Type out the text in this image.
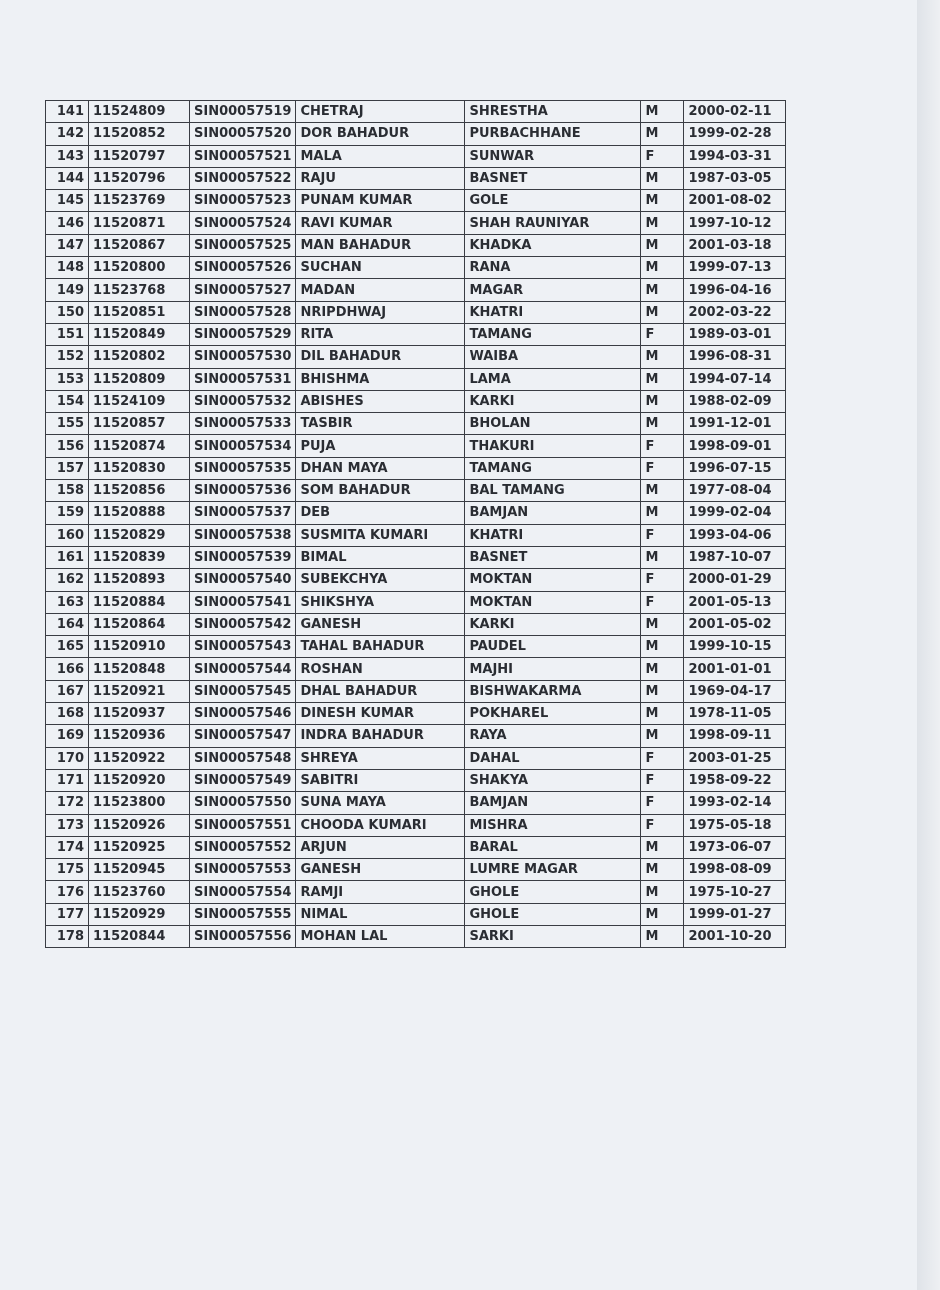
141	11524809	SIN00057519	CHETRAJ	SHRESTHA	M	2000-02-11
142	11520852	SIN00057520	DOR BAHADUR	PURBACHHANE	M	1999-02-28
143	11520797	SIN00057521	MALA	SUNWAR	F	1994-03-31
144	11520796	SIN00057522	RAJU	BASNET	M	1987-03-05
145	11523769	SIN00057523	PUNAM KUMAR	GOLE	M	2001-08-02
146	11520871	SIN00057524	RAVI KUMAR	SHAH RAUNIYAR	M	1997-10-12
147	11520867	SIN00057525	MAN BAHADUR	KHADKA	M	2001-03-18
148	11520800	SIN00057526	SUCHAN	RANA	M	1999-07-13
149	11523768	SIN00057527	MADAN	MAGAR	M	1996-04-16
150	11520851	SIN00057528	NRIPDHWAJ	KHATRI	M	2002-03-22
151	11520849	SIN00057529	RITA	TAMANG	F	1989-03-01
152	11520802	SIN00057530	DIL BAHADUR	WAIBA	M	1996-08-31
153	11520809	SIN00057531	BHISHMA	LAMA	M	1994-07-14
154	11524109	SIN00057532	ABISHES	KARKI	M	1988-02-09
155	11520857	SIN00057533	TASBIR	BHOLAN	M	1991-12-01
156	11520874	SIN00057534	PUJA	THAKURI	F	1998-09-01
157	11520830	SIN00057535	DHAN MAYA	TAMANG	F	1996-07-15
158	11520856	SIN00057536	SOM BAHADUR	BAL TAMANG	M	1977-08-04
159	11520888	SIN00057537	DEB	BAMJAN	M	1999-02-04
160	11520829	SIN00057538	SUSMITA KUMARI	KHATRI	F	1993-04-06
161	11520839	SIN00057539	BIMAL	BASNET	M	1987-10-07
162	11520893	SIN00057540	SUBEKCHYA	MOKTAN	F	2000-01-29
163	11520884	SIN00057541	SHIKSHYA	MOKTAN	F	2001-05-13
164	11520864	SIN00057542	GANESH	KARKI	M	2001-05-02
165	11520910	SIN00057543	TAHAL BAHADUR	PAUDEL	M	1999-10-15
166	11520848	SIN00057544	ROSHAN	MAJHI	M	2001-01-01
167	11520921	SIN00057545	DHAL BAHADUR	BISHWAKARMA	M	1969-04-17
168	11520937	SIN00057546	DINESH KUMAR	POKHAREL	M	1978-11-05
169	11520936	SIN00057547	INDRA BAHADUR	RAYA	M	1998-09-11
170	11520922	SIN00057548	SHREYA	DAHAL	F	2003-01-25
171	11520920	SIN00057549	SABITRI	SHAKYA	F	1958-09-22
172	11523800	SIN00057550	SUNA MAYA	BAMJAN	F	1993-02-14
173	11520926	SIN00057551	CHOODA KUMARI	MISHRA	F	1975-05-18
174	11520925	SIN00057552	ARJUN	BARAL	M	1973-06-07
175	11520945	SIN00057553	GANESH	LUMRE MAGAR	M	1998-08-09
176	11523760	SIN00057554	RAMJI	GHOLE	M	1975-10-27
177	11520929	SIN00057555	NIMAL	GHOLE	M	1999-01-27
178	11520844	SIN00057556	MOHAN LAL	SARKI	M	2001-10-20
